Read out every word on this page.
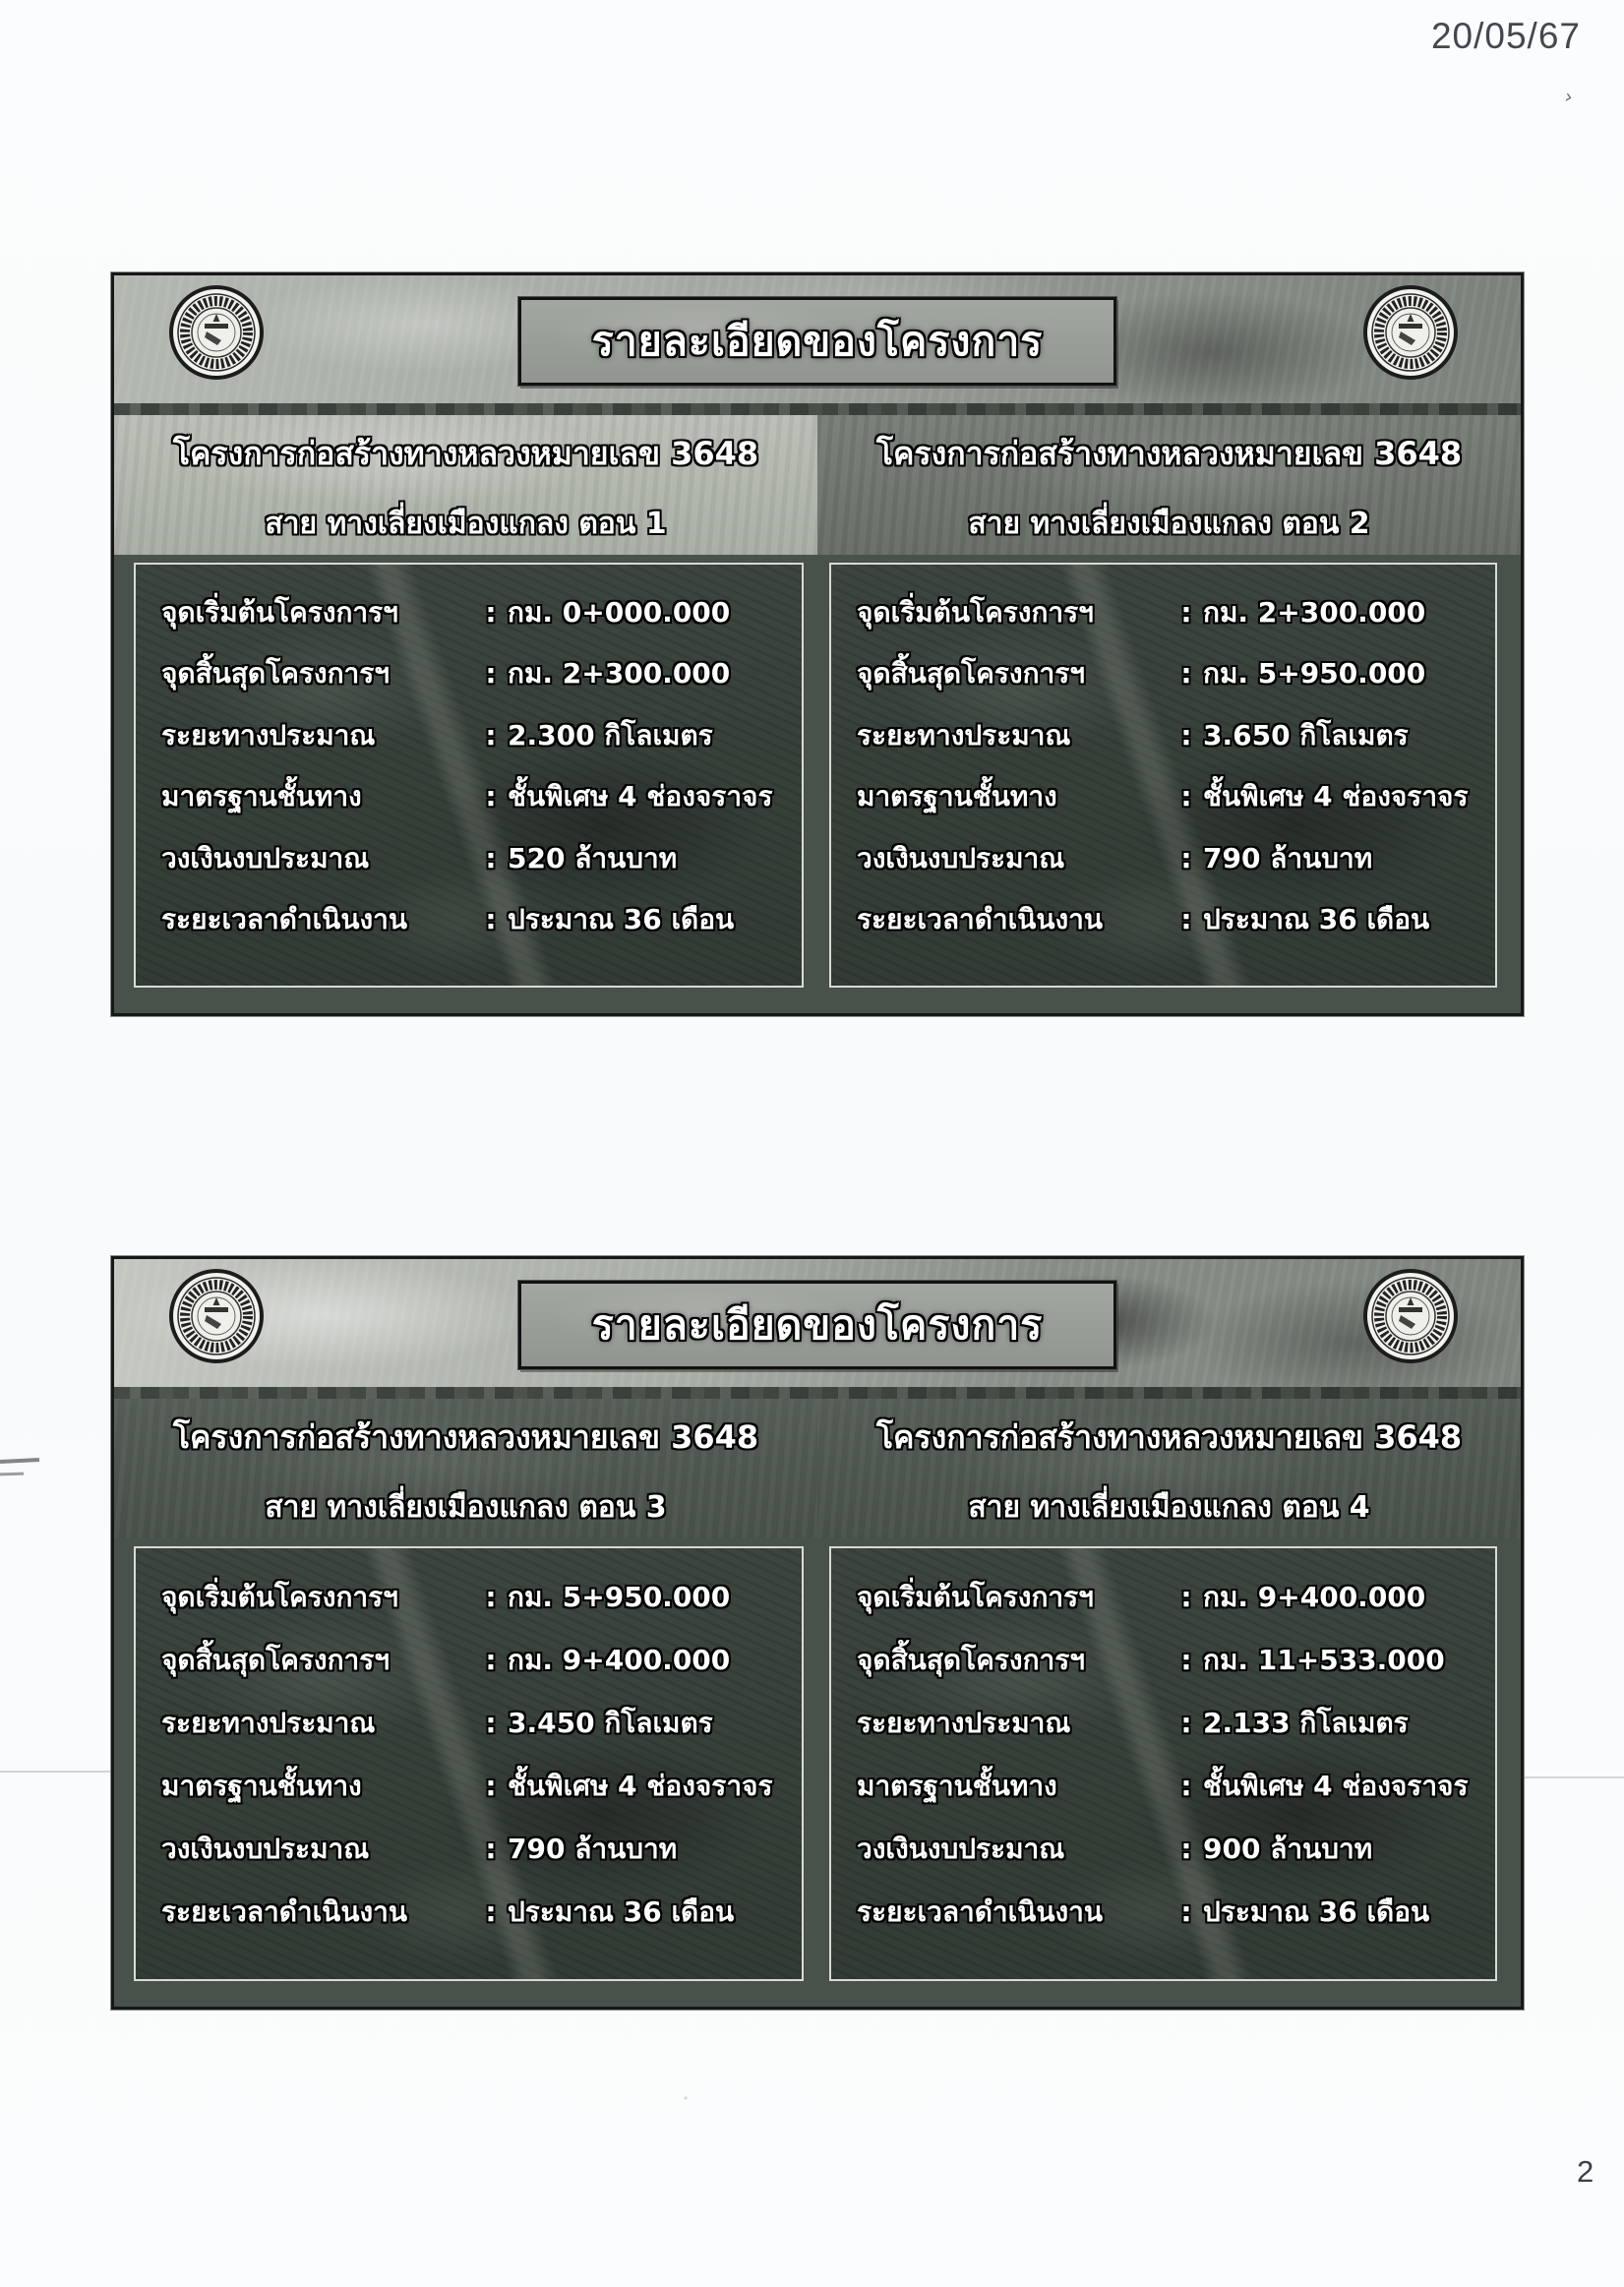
20/05/67
›
2
รายละเอียดของโครงการ
โครงการก่อสร้างทางหลวงหมายเลข 3648
สาย ทางเลี่ยงเมืองแกลง ตอน 1
จุดเริ่มต้นโครงการฯ	: กม. 0+000.000
จุดสิ้นสุดโครงการฯ	: กม. 2+300.000
ระยะทางประมาณ	: 2.300 กิโลเมตร
มาตรฐานชั้นทาง	: ชั้นพิเศษ 4 ช่องจราจร
วงเงินงบประมาณ	: 520 ล้านบาท
ระยะเวลาดำเนินงาน	: ประมาณ 36 เดือน
โครงการก่อสร้างทางหลวงหมายเลข 3648
สาย ทางเลี่ยงเมืองแกลง ตอน 2
จุดเริ่มต้นโครงการฯ	: กม. 2+300.000
จุดสิ้นสุดโครงการฯ	: กม. 5+950.000
ระยะทางประมาณ	: 3.650 กิโลเมตร
มาตรฐานชั้นทาง	: ชั้นพิเศษ 4 ช่องจราจร
วงเงินงบประมาณ	: 790 ล้านบาท
ระยะเวลาดำเนินงาน	: ประมาณ 36 เดือน
รายละเอียดของโครงการ
โครงการก่อสร้างทางหลวงหมายเลข 3648
สาย ทางเลี่ยงเมืองแกลง ตอน 3
จุดเริ่มต้นโครงการฯ	: กม. 5+950.000
จุดสิ้นสุดโครงการฯ	: กม. 9+400.000
ระยะทางประมาณ	: 3.450 กิโลเมตร
มาตรฐานชั้นทาง	: ชั้นพิเศษ 4 ช่องจราจร
วงเงินงบประมาณ	: 790 ล้านบาท
ระยะเวลาดำเนินงาน	: ประมาณ 36 เดือน
โครงการก่อสร้างทางหลวงหมายเลข 3648
สาย ทางเลี่ยงเมืองแกลง ตอน 4
จุดเริ่มต้นโครงการฯ	: กม. 9+400.000
จุดสิ้นสุดโครงการฯ	: กม. 11+533.000
ระยะทางประมาณ	: 2.133 กิโลเมตร
มาตรฐานชั้นทาง	: ชั้นพิเศษ 4 ช่องจราจร
วงเงินงบประมาณ	: 900 ล้านบาท
ระยะเวลาดำเนินงาน	: ประมาณ 36 เดือน
